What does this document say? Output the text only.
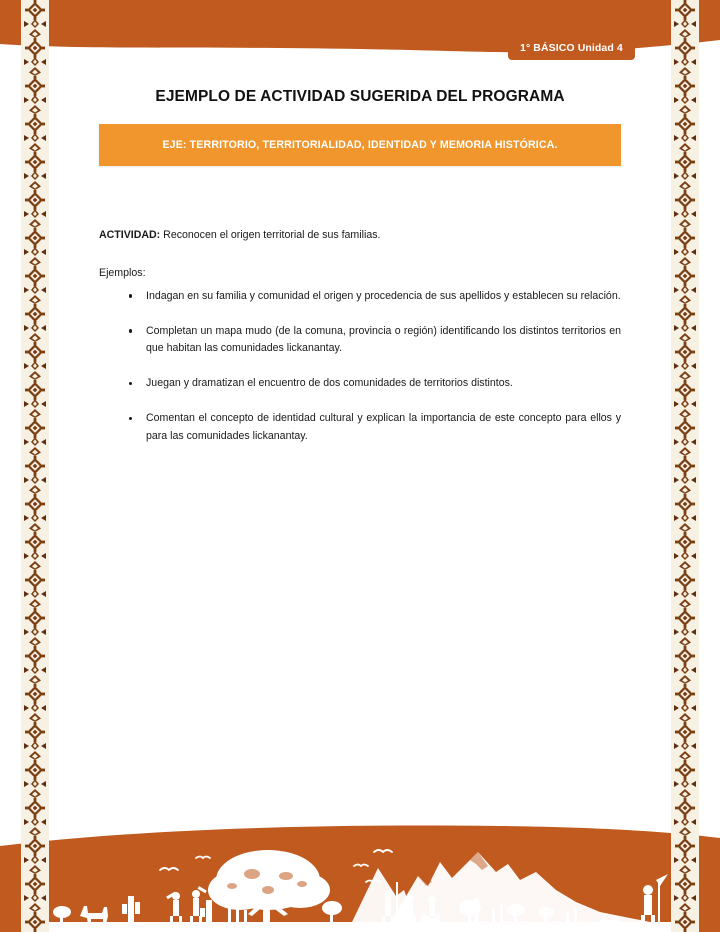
1° BÁSICO Unidad 4
EJEMPLO DE ACTIVIDAD SUGERIDA DEL PROGRAMA
EJE: TERRITORIO, TERRITORIALIDAD, IDENTIDAD Y MEMORIA HISTÓRICA.

ACTIVIDAD: Reconocen el origen territorial de sus familias.

Ejemplos:

Indagan en su familia y comunidad el origen y procedencia de sus apellidos y establecen su relación.
Completan un mapa mudo (de la comuna, provincia o región) identificando los distintos territorios en que habitan las comunidades lickanantay.
Juegan y dramatizan el encuentro de dos comunidades de territorios distintos.
Comentan el concepto de identidad cultural y explican la importancia de este concepto para ellos y para las comunidades lickanantay.
